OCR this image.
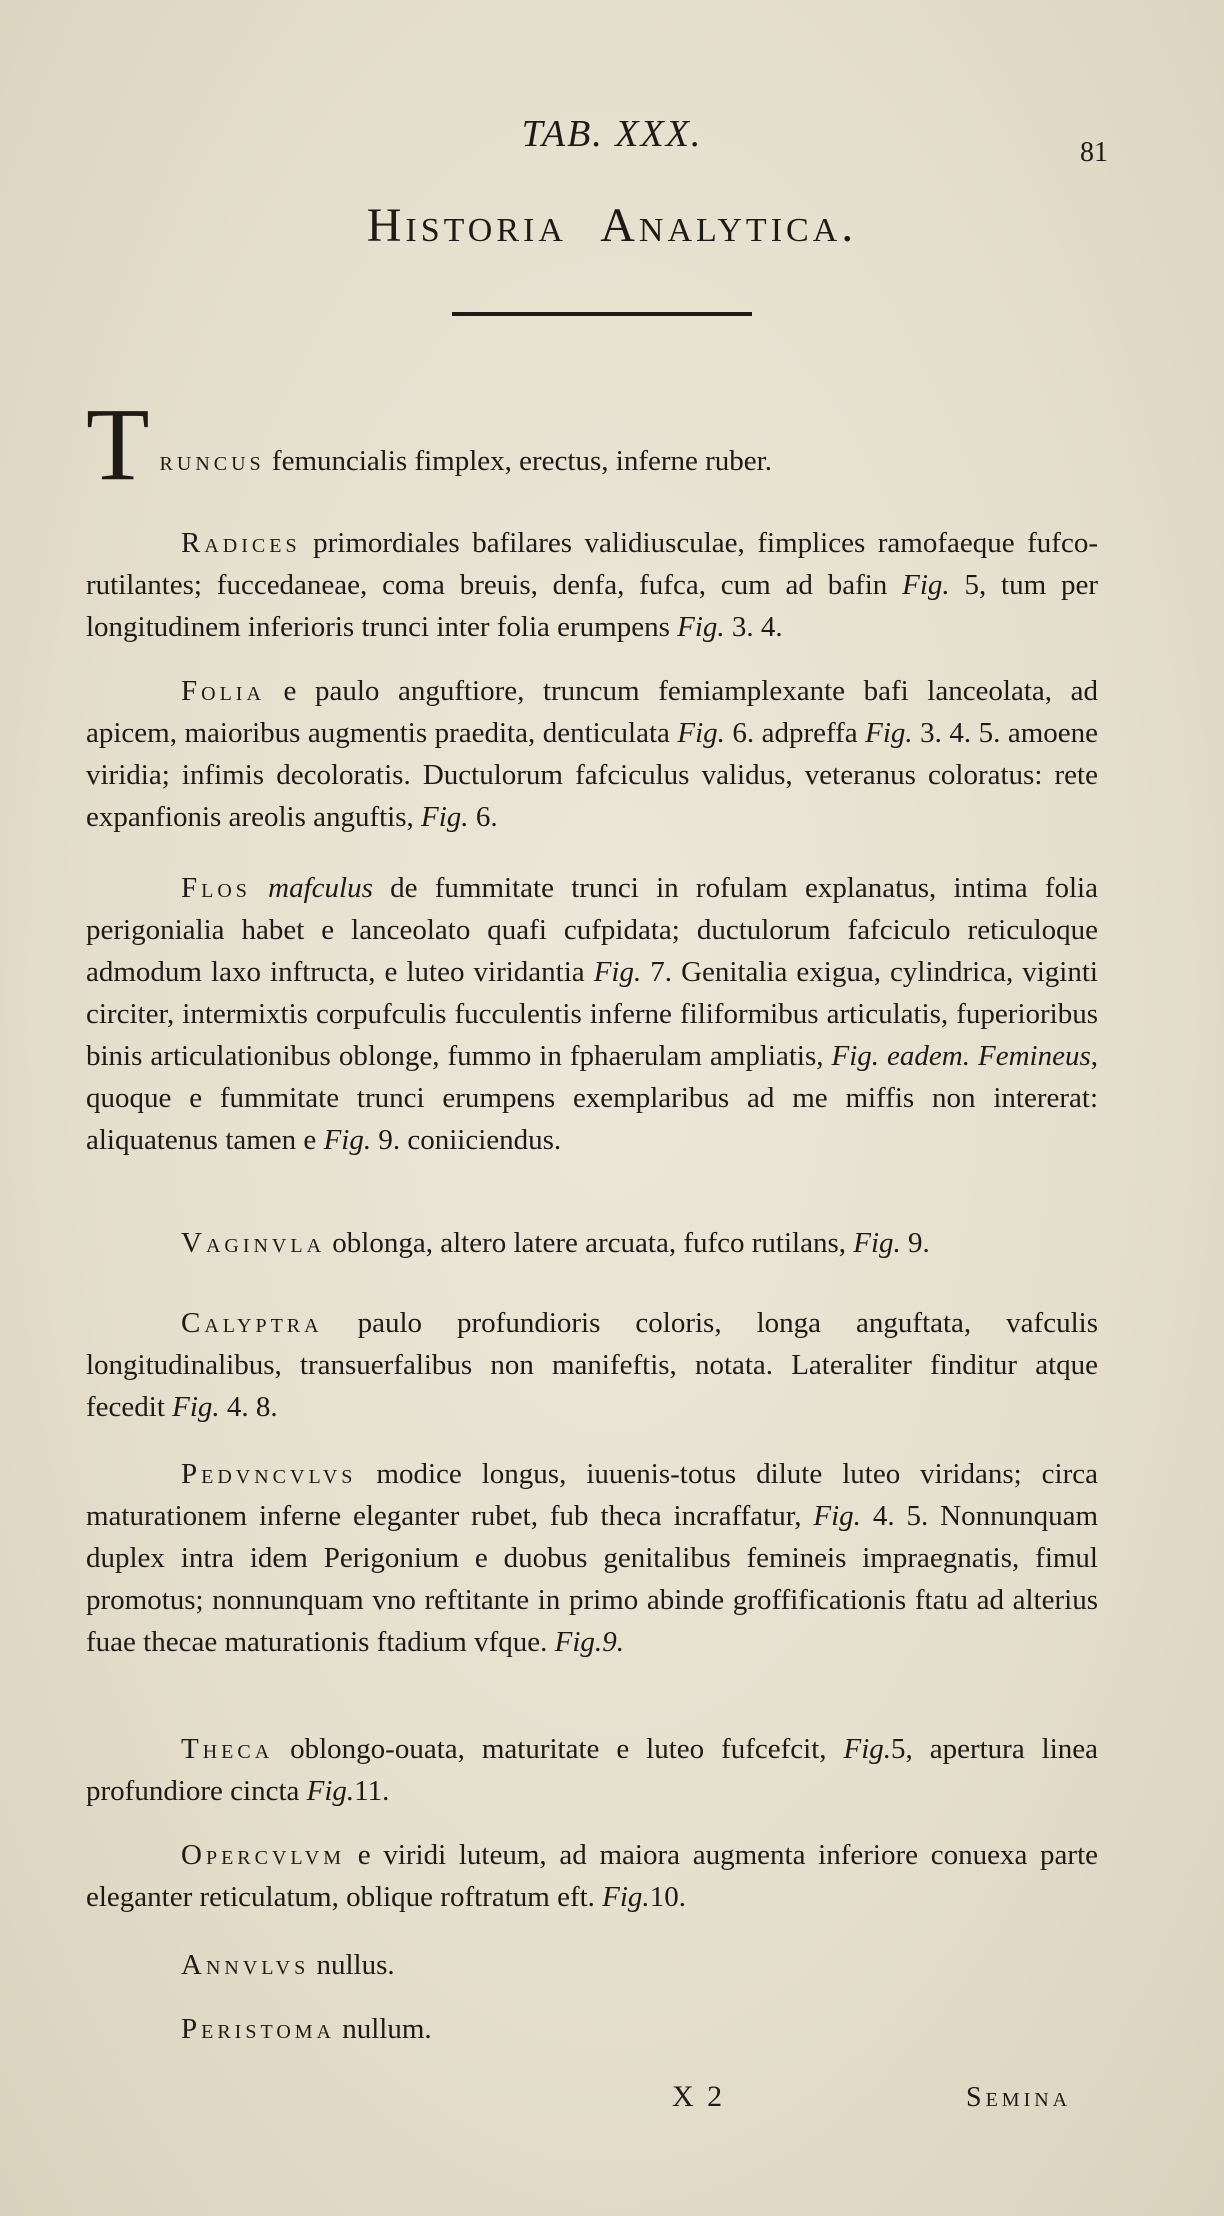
TAB. XXX.	81
Historia Analytica.
T runcus femuncialis fimplex, erectus, inferne ruber.
Radices primordiales bafilares validiusculae, fimplices ramofaeque fufco-rutilantes; fuccedaneae, coma breuis, denfa, fufca, cum ad bafin Fig. 5, tum per longitudinem inferioris trunci inter folia erumpens Fig. 3. 4.
Folia e paulo anguftiore, truncum femiamplexante bafi lanceolata, ad apicem, maioribus augmentis praedita, denticulata Fig. 6. adpreffa Fig. 3. 4. 5. amoene viridia; infimis decoloratis. Ductulorum fafciculus validus, veteranus coloratus: rete expanfionis areolis anguftis, Fig. 6.
Flos mafculus de fummitate trunci in rofulam explanatus, intima folia perigonialia habet e lanceolato quafi cufpidata; ductulorum fafciculo reticuloque admodum laxo inftructa, e luteo viridantia Fig. 7. Genitalia exigua, cylindrica, viginti circiter, intermixtis corpufculis fucculentis inferne filiformibus articulatis, fuperioribus binis articulationibus oblonge, fummo in fphaerulam ampliatis, Fig. eadem. Femineus, quoque e fummitate trunci erumpens exemplaribus ad me miffis non intererat: aliquatenus tamen e Fig. 9. coniiciendus.
Vaginvla oblonga, altero latere arcuata, fufco rutilans, Fig. 9.
Calyptra paulo profundioris coloris, longa anguftata, vafculis longitudinalibus, transuerfalibus non manifeftis, notata. Lateraliter finditur atque fecedit Fig. 4. 8.
Pedvncvlvs modice longus, iuuenis-totus dilute luteo viridans; circa maturationem inferne eleganter rubet, fub theca incraffatur, Fig. 4. 5. Nonnunquam duplex intra idem Perigonium e duobus genitalibus femineis impraegnatis, fimul promotus; nonnunquam vno reftitante in primo abinde groffificationis ftatu ad alterius fuae thecae maturationis ftadium vfque. Fig.9.
Theca oblongo-ouata, maturitate e luteo fufcefcit, Fig.5, apertura linea profundiore cincta Fig.11.
Opercvlvm e viridi luteum, ad maiora augmenta inferiore conuexa parte eleganter reticulatum, oblique roftratum eft. Fig.10.
Annvlvs nullus.
Peristoma nullum.
X 2	Semina
